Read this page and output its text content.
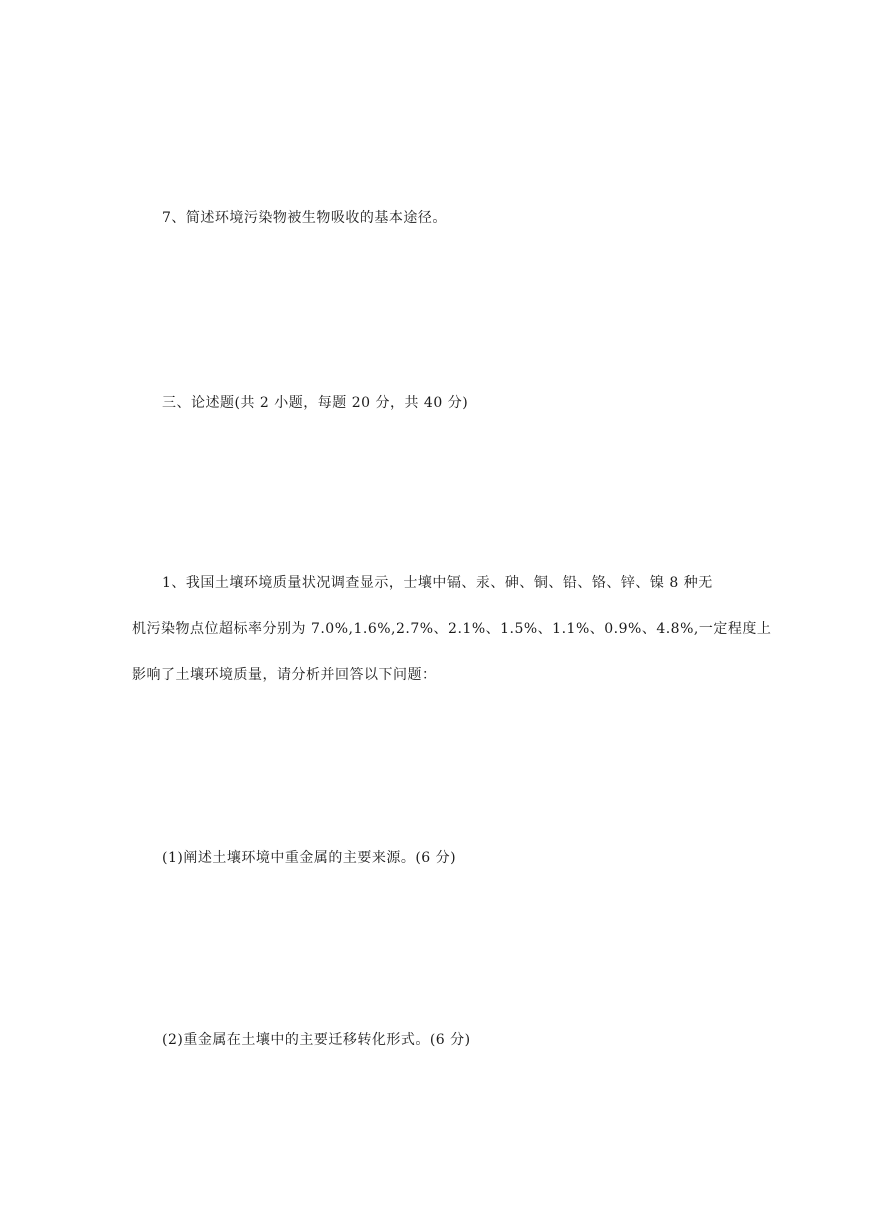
7、简述环境污染物被生物吸收的基本途径。
三、论述题(共 2 小题，每题 20 分，共 40 分)
1、我国土壤环境质量状况调查显示，士壤中镉、汞、砷、铜、铅、铬、锌、镍 8 种无
机污染物点位超标率分别为 7.0%,1.6%,2.7%、2.1%、1.5%、1.1%、0.9%、4.8%,一定程度上
影响了土壤环境质量，请分析并回答以下问题：
(1)阐述土壤环境中重金属的主要来源。(6 分)
(2)重金属在土壤中的主要迁移转化形式。(6 分)
